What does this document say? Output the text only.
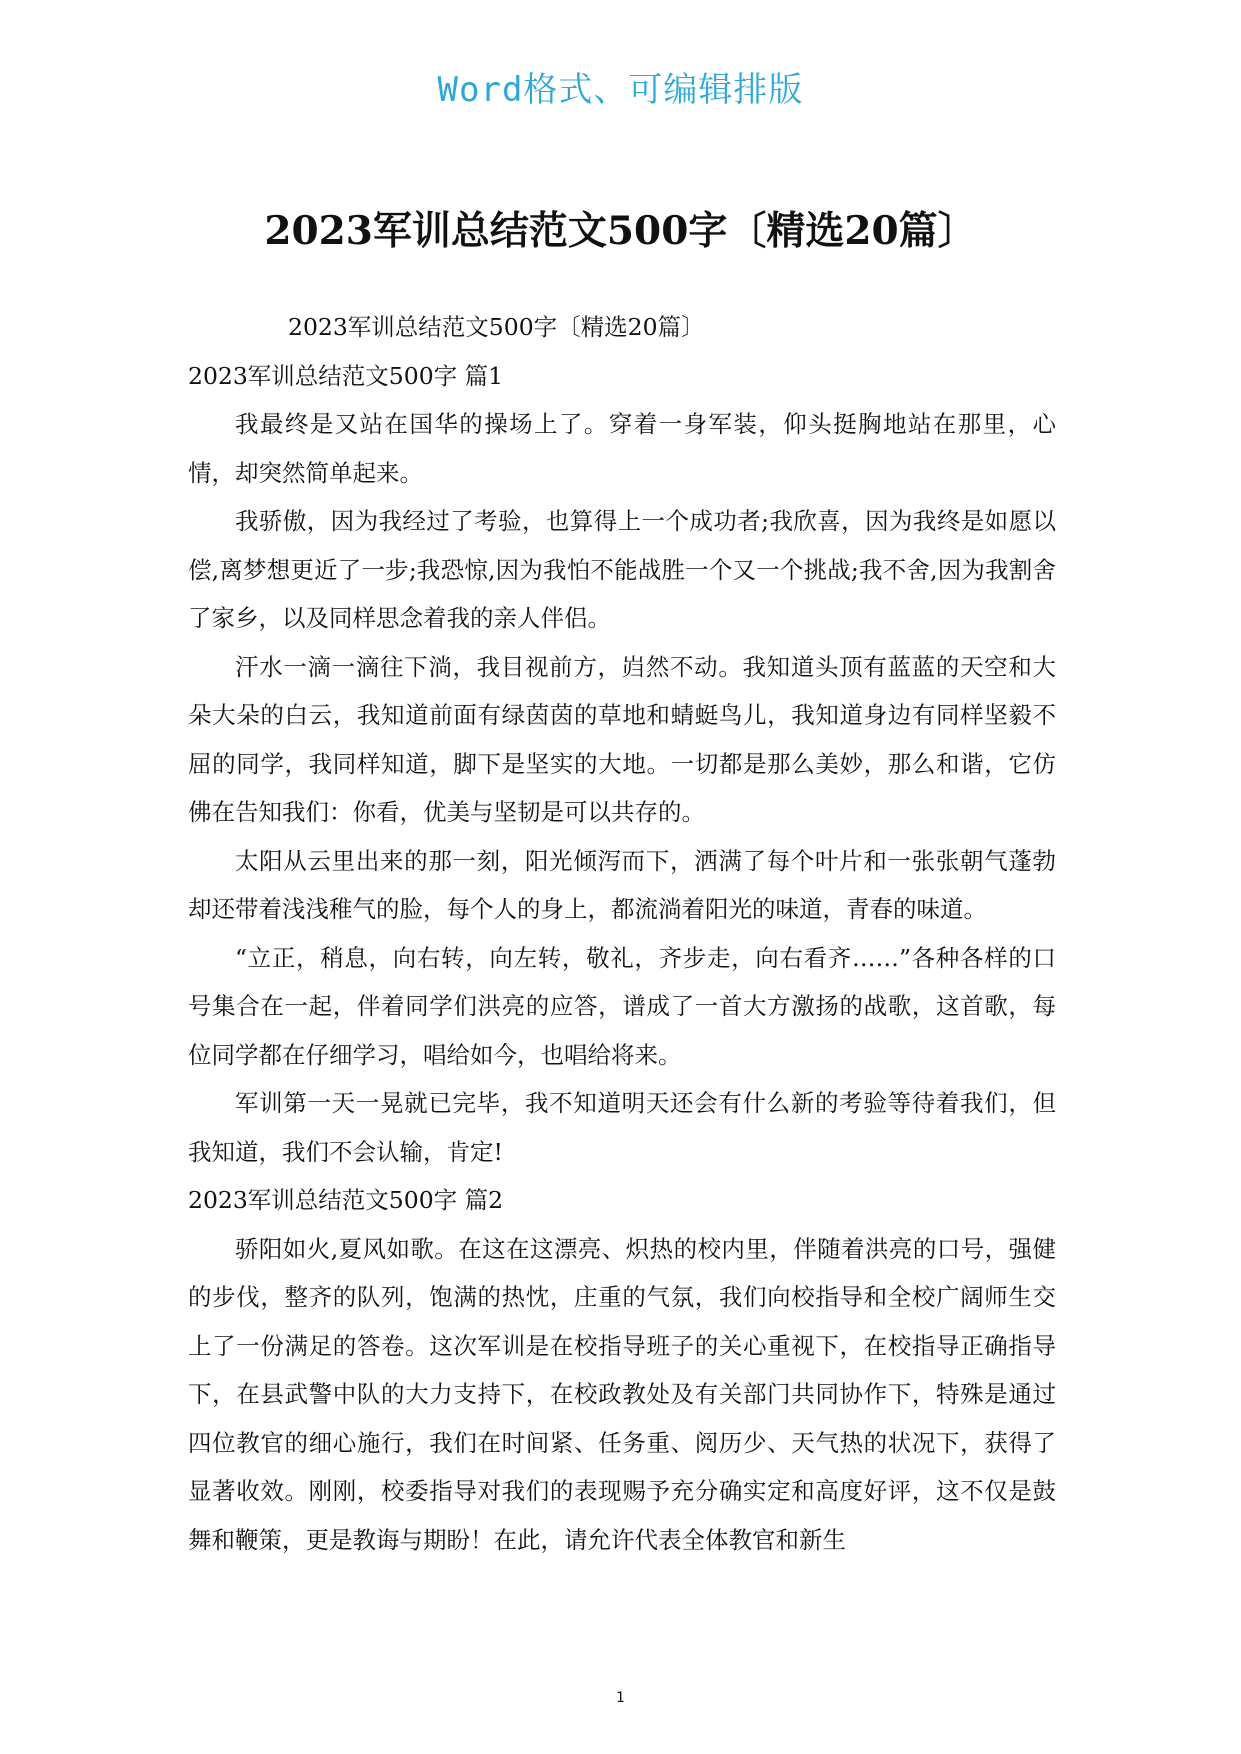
Word格式、可编辑排版
2023军训总结范文500字〔精选20篇〕

2023军训总结范文500字〔精选20篇〕

2023军训总结范文500字 篇1

我最终是又站在国华的操场上了。穿着一身军装，仰头挺胸地站在那里，心情，却突然简单起来。

我骄傲，因为我经过了考验，也算得上一个成功者;我欣喜，因为我终是如愿以偿,离梦想更近了一步;我恐惊,因为我怕不能战胜一个又一个挑战;我不舍,因为我割舍了家乡，以及同样思念着我的亲人伴侣。

汗水一滴一滴往下淌，我目视前方，岿然不动。我知道头顶有蓝蓝的天空和大朵大朵的白云，我知道前面有绿茵茵的草地和蜻蜓鸟儿，我知道身边有同样坚毅不屈的同学，我同样知道，脚下是坚实的大地。一切都是那么美妙，那么和谐，它仿佛在告知我们：你看，优美与坚韧是可以共存的。

太阳从云里出来的那一刻，阳光倾泻而下，洒满了每个叶片和一张张朝气蓬勃却还带着浅浅稚气的脸，每个人的身上，都流淌着阳光的味道，青春的味道。

“立正，稍息，向右转，向左转，敬礼，齐步走，向右看齐……”各种各样的口号集合在一起，伴着同学们洪亮的应答，谱成了一首大方激扬的战歌，这首歌，每位同学都在仔细学习，唱给如今，也唱给将来。

军训第一天一晃就已完毕，我不知道明天还会有什么新的考验等待着我们，但我知道，我们不会认输，肯定!

2023军训总结范文500字 篇2

骄阳如火,夏风如歌。在这在这漂亮、炽热的校内里，伴随着洪亮的口号，强健的步伐，整齐的队列，饱满的热忱，庄重的气氛，我们向校指导和全校广阔师生交上了一份满足的答卷。这次军训是在校指导班子的关心重视下，在校指导正确指导下，在县武警中队的大力支持下，在校政教处及有关部门共同协作下，特殊是通过四位教官的细心施行，我们在时间紧、任务重、阅历少、天气热的状况下，获得了显著收效。刚刚，校委指导对我们的表现赐予充分确实定和高度好评，这不仅是鼓舞和鞭策，更是教诲与期盼！在此，请允许代表全体教官和新生

1
